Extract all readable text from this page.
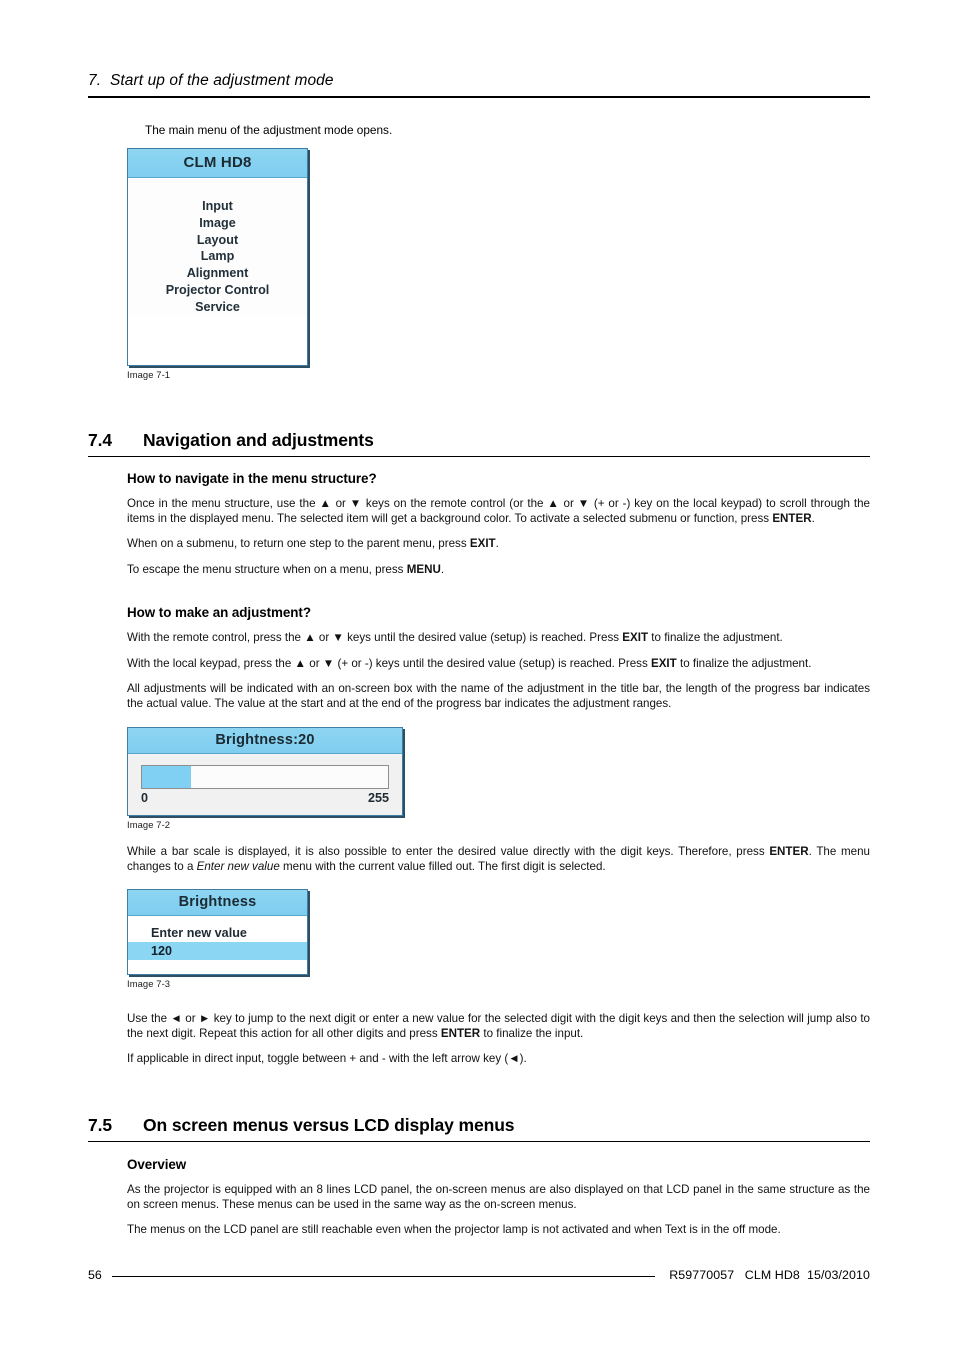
7.  Start up of the adjustment mode
The main menu of the adjustment mode opens.
CLM HD8
Input
Image
Layout
Lamp
Alignment
Projector Control
Service
Image 7-1
7.4	Navigation and adjustments
How to navigate in the menu structure?

Once in the menu structure, use the ▲ or ▼ keys on the remote control (or the ▲ or ▼ (+ or -) key on the local keypad) to scroll through the items in the displayed menu. The selected item will get a background color. To activate a selected submenu or function, press ENTER.

When on a submenu, to return one step to the parent menu, press EXIT.

To escape the menu structure when on a menu, press MENU.

How to make an adjustment?

With the remote control, press the ▲ or ▼ keys until the desired value (setup) is reached. Press EXIT to finalize the adjustment.

With the local keypad, press the ▲ or ▼ (+ or -) keys until the desired value (setup) is reached. Press EXIT to finalize the adjustment.

All adjustments will be indicated with an on-screen box with the name of the adjustment in the title bar, the length of the progress bar indicates the actual value. The value at the start and at the end of the progress bar indicates the adjustment ranges.

Brightness:20
0	255
Image 7-2

While a bar scale is displayed, it is also possible to enter the desired value directly with the digit keys. Therefore, press ENTER. The menu changes to a Enter new value menu with the current value filled out. The first digit is selected.

Brightness
Enter new value
120
Image 7-3

Use the ◄ or ► key to jump to the next digit or enter a new value for the selected digit with the digit keys and then the selection will jump also to the next digit. Repeat this action for all other digits and press ENTER to finalize the input.

If applicable in direct input, toggle between + and - with the left arrow key (◄).

7.5	On screen menus versus LCD display menus
Overview

As the projector is equipped with an 8 lines LCD panel, the on-screen menus are also displayed on that LCD panel in the same structure as the on screen menus. These menus can be used in the same way as the on-screen menus.

The menus on the LCD panel are still reachable even when the projector lamp is not activated and when Text is in the off mode.

56	R59770057   CLM HD8  15/03/2010
